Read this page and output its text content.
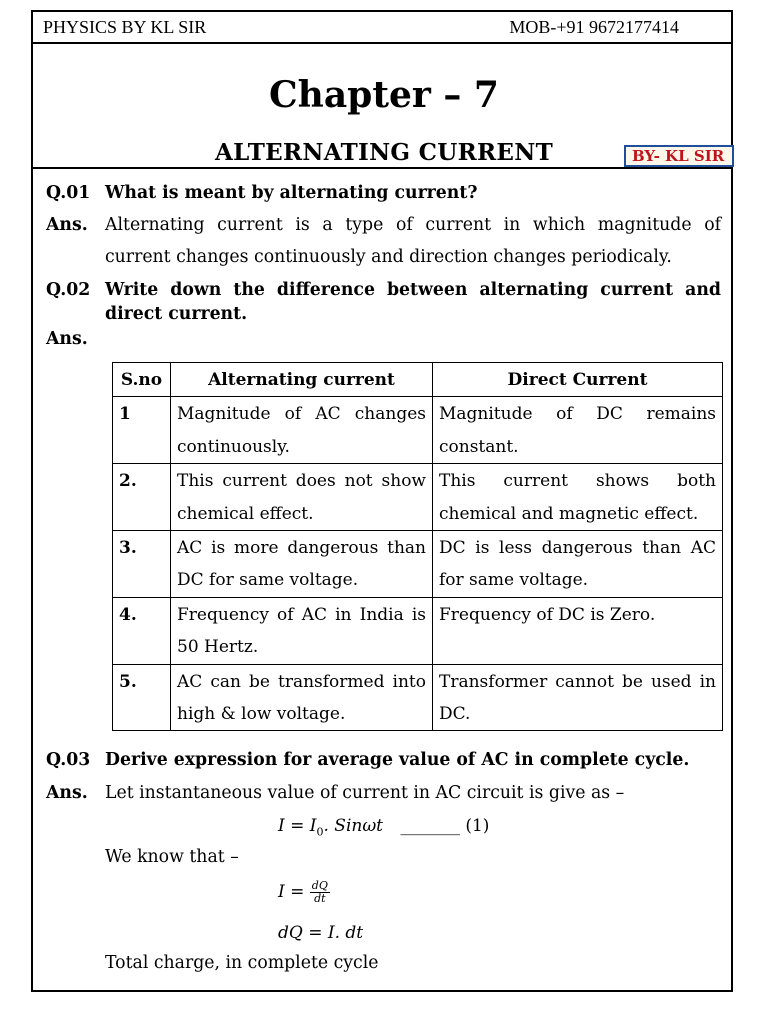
PHYSICS BY KL SIR	MOB-+91 9672177414
Chapter – 7
ALTERNATING CURRENT	BY- KL SIR
Q.01 What is meant by alternating current?
Ans. Alternating current is a type of current in which magnitude of
current changes continuously and direction changes periodicaly.
Q.02 Write down the difference between alternating current and
direct current.
Ans.
S.no	Alternating current	Direct Current
1	Magnitude of AC changes continuously.	Magnitude of DC remains constant.
2.	This current does not show chemical effect.	This current shows both chemical and magnetic effect.
3.	AC is more dangerous than DC for same voltage.	DC is less dangerous than AC for same voltage.
4.	Frequency of AC in India is 50 Hertz.	Frequency of DC is Zero.
5.	AC can be transformed into high & low voltage.	Transformer cannot be used in DC.
Q.03 Derive expression for average value of AC in complete cycle.
Ans. Let instantaneous value of current in AC circuit is give as –
$I = I_0$. Sinωt _______ (1)
We know that –
$I = \frac{dQ}{dt}$
dQ = I. dt
Total charge, in complete cycle
